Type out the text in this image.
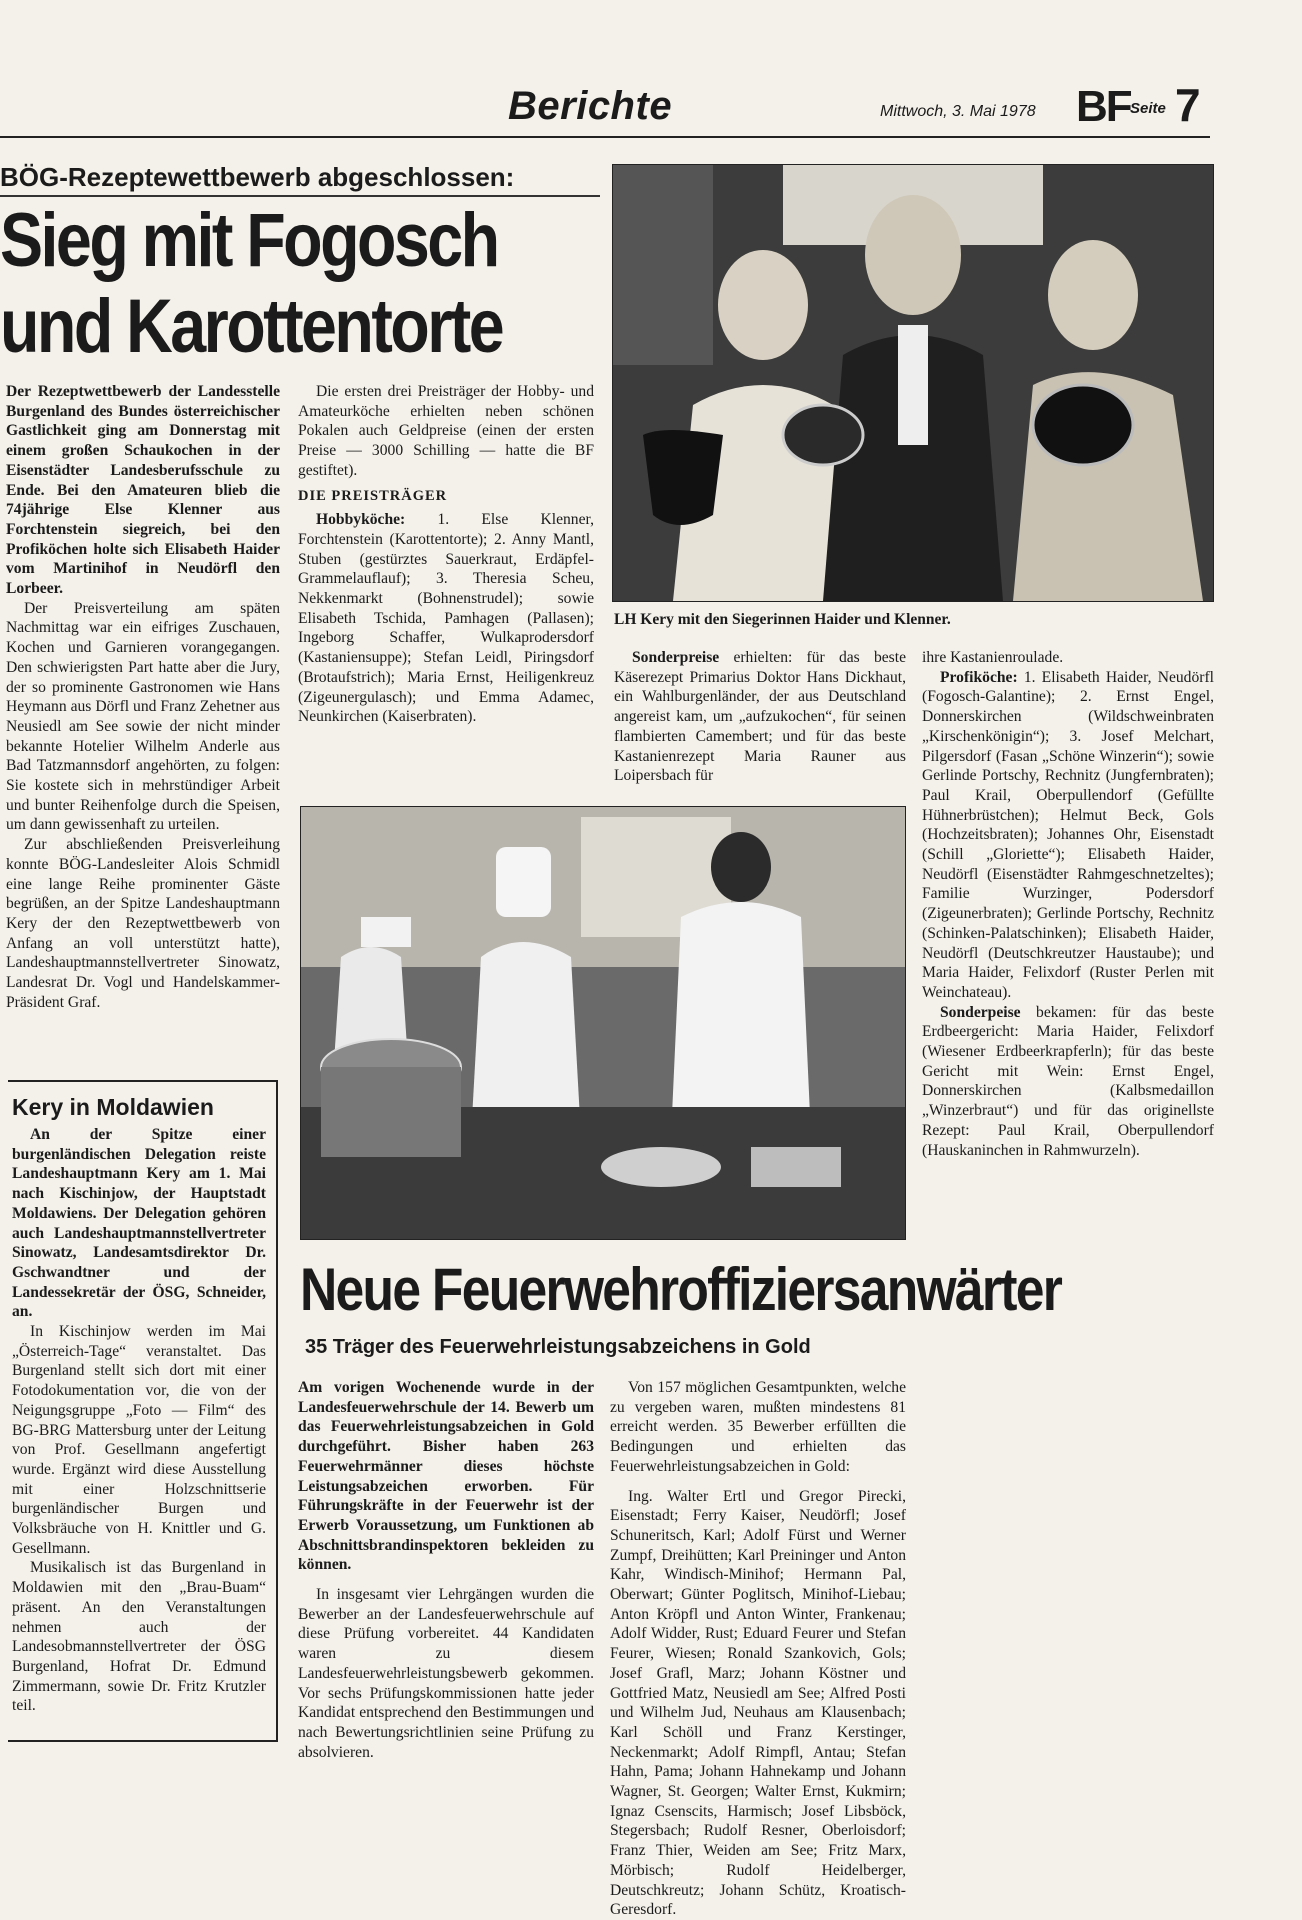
Berichte	Mittwoch, 3. Mai 1978 BF Seite 7
BÖG-Rezeptewettbewerb abgeschlossen:
Sieg mit Fogosch
und Karottentorte

Der Rezeptwettbewerb der Landesstelle Burgenland des Bundes österreichischer Gastlichkeit ging am Donnerstag mit einem großen Schaukochen in der Eisenstädter Landesberufsschule zu Ende. Bei den Amateuren blieb die 74jährige Else Klenner aus Forchtenstein siegreich, bei den Profiköchen holte sich Elisabeth Haider vom Martinihof in Neudörfl den Lorbeer.

Der Preisverteilung am späten Nachmittag war ein eifriges Zuschauen, Kochen und Garnieren vorangegangen. Den schwierigsten Part hatte aber die Jury, der so prominente Gastronomen wie Hans Heymann aus Dörfl und Franz Zehetner aus Neusiedl am See sowie der nicht minder bekannte Hotelier Wilhelm Anderle aus Bad Tatzmannsdorf angehörten, zu folgen: Sie kostete sich in mehrstündiger Arbeit und bunter Reihenfolge durch die Speisen, um dann gewissenhaft zu urteilen.

Zur abschließenden Preisverleihung konnte BÖG-Landesleiter Alois Schmidl eine lange Reihe prominenter Gäste begrüßen, an der Spitze Landeshauptmann Kery der den Rezeptwettbewerb von Anfang an voll unterstützt hatte), Landeshauptmannstellvertreter Sinowatz, Landesrat Dr. Vogl und Handelskammer-Präsident Graf.

Die ersten drei Preisträger der Hobby- und Amateurköche erhielten neben schönen Pokalen auch Geldpreise (einen der ersten Preise — 3000 Schilling — hatte die BF gestiftet).

DIE PREISTRÄGER

Hobbyköche: 1. Else Klenner, Forchtenstein (Karottentorte); 2. Anny Mantl, Stuben (gestürztes Sauerkraut, Erdäpfel-Grammelauflauf); 3. Theresia Scheu, Nekkenmarkt (Bohnenstrudel); sowie Elisabeth Tschida, Pamhagen (Pallasen); Ingeborg Schaffer, Wulkaprodersdorf (Kastaniensuppe); Stefan Leidl, Piringsdorf (Brotaufstrich); Maria Ernst, Heiligenkreuz (Zigeunergulasch); und Emma Adamec, Neunkirchen (Kaiserbraten).

LH Kery mit den Siegerinnen Haider und Klenner.

Sonderpreise erhielten: für das beste Käserezept Primarius Doktor Hans Dickhaut, ein Wahlburgenländer, der aus Deutschland angereist kam, um „aufzukochen“, für seinen flambierten Camembert; und für das beste Kastanienrezept Maria Rauner aus Loipersbach für

ihre Kastanienroulade.

Profiköche: 1. Elisabeth Haider, Neudörfl (Fogosch-Galantine); 2. Ernst Engel, Donnerskirchen (Wildschweinbraten „Kirschenkönigin“); 3. Josef Melchart, Pilgersdorf (Fasan „Schöne Winzerin“); sowie Gerlinde Portschy, Rechnitz (Jungfernbraten); Paul Krail, Oberpullendorf (Gefüllte Hühnerbrüstchen); Helmut Beck, Gols (Hochzeitsbraten); Johannes Ohr, Eisenstadt (Schill „Gloriette“); Elisabeth Haider, Neudörfl (Eisenstädter Rahmgeschnetzeltes); Familie Wurzinger, Podersdorf (Zigeunerbraten); Gerlinde Portschy, Rechnitz (Schinken-Palatschinken); Elisabeth Haider, Neudörfl (Deutschkreutzer Haustaube); und Maria Haider, Felixdorf (Ruster Perlen mit Weinchateau).

Sonderpeise bekamen: für das beste Erdbeergericht: Maria Haider, Felixdorf (Wiesener Erdbeerkrapferln); für das beste Gericht mit Wein: Ernst Engel, Donnerskirchen (Kalbsmedaillon „Winzerbraut“) und für das originellste Rezept: Paul Krail, Oberpullendorf (Hauskaninchen in Rahmwurzeln).

Kery in Moldawien

An der Spitze einer burgenländischen Delegation reiste Landeshauptmann Kery am 1. Mai nach Kischinjow, der Hauptstadt Moldawiens. Der Delegation gehören auch Landeshauptmannstellvertreter Sinowatz, Landesamtsdirektor Dr. Gschwandtner und der Landessekretär der ÖSG, Schneider, an.

In Kischinjow werden im Mai „Österreich-Tage“ veranstaltet. Das Burgenland stellt sich dort mit einer Fotodokumentation vor, die von der Neigungsgruppe „Foto — Film“ des BG-BRG Mattersburg unter der Leitung von Prof. Gesellmann angefertigt wurde. Ergänzt wird diese Ausstellung mit einer Holzschnittserie burgenländischer Burgen und Volksbräuche von H. Knittler und G. Gesellmann.

Musikalisch ist das Burgenland in Moldawien mit den „Brau-Buam“ präsent. An den Veranstaltungen nehmen auch der Landesobmannstellvertreter der ÖSG Burgenland, Hofrat Dr. Edmund Zimmermann, sowie Dr. Fritz Krutzler teil.

Neue Feuerwehroffiziersanwärter
35 Träger des Feuerwehrleistungsabzeichens in Gold

Am vorigen Wochenende wurde in der Landesfeuerwehrschule der 14. Bewerb um das Feuerwehrleistungsabzeichen in Gold durchgeführt. Bisher haben 263 Feuerwehrmänner dieses höchste Leistungsabzeichen erworben. Für Führungskräfte in der Feuerwehr ist der Erwerb Voraussetzung, um Funktionen ab Abschnittsbrandinspektoren bekleiden zu können.

In insgesamt vier Lehrgängen wurden die Bewerber an der Landesfeuerwehrschule auf diese Prüfung vorbereitet. 44 Kandidaten waren zu diesem Landesfeuerwehrleistungsbewerb gekommen. Vor sechs Prüfungskommissionen hatte jeder Kandidat entsprechend den Bestimmungen und nach Bewertungsrichtlinien seine Prüfung zu absolvieren.

Von 157 möglichen Gesamtpunkten, welche zu vergeben waren, mußten mindestens 81 erreicht werden. 35 Bewerber erfüllten die Bedingungen und erhielten das Feuerwehrleistungsabzeichen in Gold:

Ing. Walter Ertl und Gregor Pirecki, Eisenstadt; Ferry Kaiser, Neudörfl; Josef Schuneritsch, Karl; Adolf Fürst und Werner Zumpf, Dreihütten; Karl Preininger und Anton Kahr, Windisch-Minihof; Hermann Pal, Oberwart; Günter Poglitsch, Minihof-Liebau; Anton Kröpfl und Anton Winter, Frankenau; Adolf Widder, Rust; Eduard Feurer und Stefan Feurer, Wiesen; Ronald Szankovich, Gols; Josef Grafl, Marz; Johann Köstner und Gottfried Matz, Neusiedl am See; Alfred Posti und Wilhelm Jud, Neuhaus am Klausenbach; Karl Schöll und Franz Kerstinger, Neckenmarkt; Adolf Rimpfl, Antau; Stefan Hahn, Pama; Johann Hahnekamp und Johann Wagner, St. Georgen; Walter Ernst, Kukmirn; Ignaz Csenscits, Harmisch; Josef Libsböck, Stegersbach; Rudolf Resner, Oberloisdorf; Franz Thier, Weiden am See; Fritz Marx, Mörbisch; Rudolf Heidelberger, Deutschkreutz; Johann Schütz, Kroatisch-Geresdorf.
